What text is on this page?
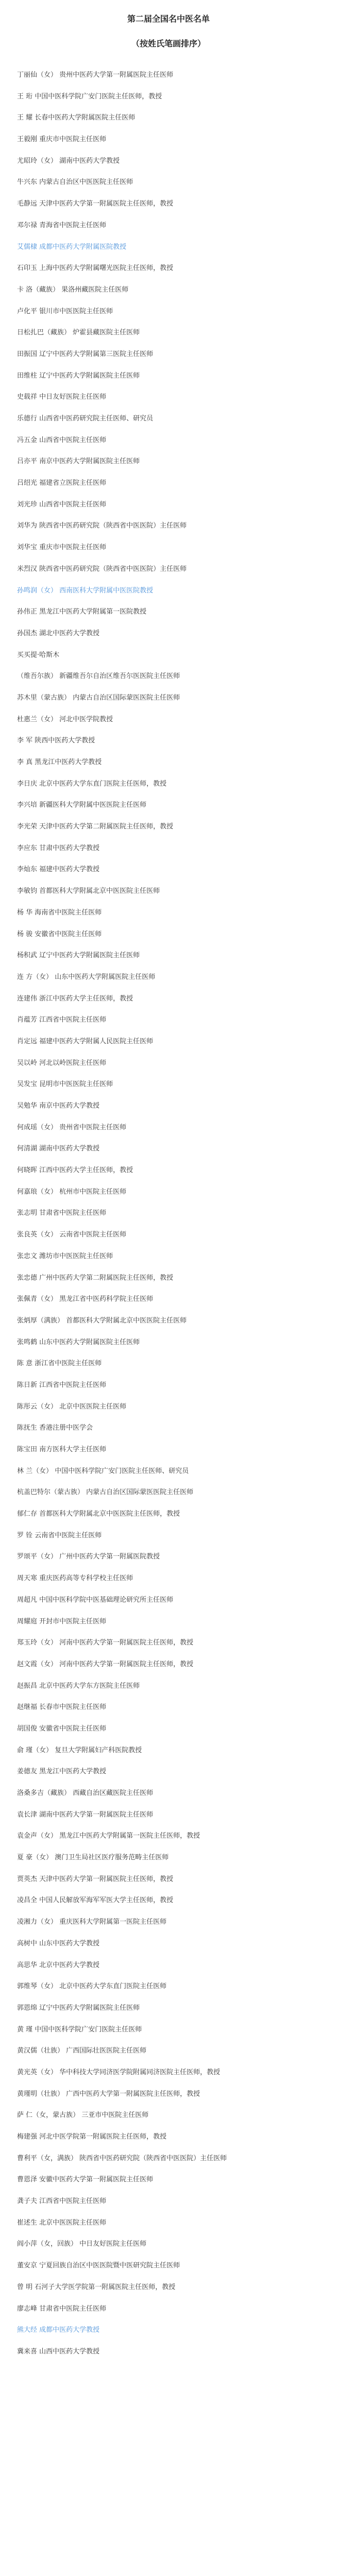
第二届全国名中医名单
（按姓氏笔画排序）
丁丽仙（女） 贵州中医药大学第一附属医院主任医师
王 珩 中国中医科学院广安门医院主任医师，教授
王 耀 长春中医药大学附属医院主任医师
王毅刚 重庆市中医院主任医师
尤昭玲（女） 湖南中医药大学教授
牛兴东 内蒙古自治区中医医院主任医师
毛静远 天津中医药大学第一附属医院主任医师，教授
邓尔禄 青海省中医院主任医师
艾儒棣 成都中医药大学附属医院教授
石印玉 上海中医药大学附属曙光医院主任医师，教授
卡 洛（藏族） 果洛州藏医院主任医师
卢化平 银川市中医医院主任医师
日松扎巴（藏族） 炉霍县藏医院主任医师
田振国 辽宁中医药大学附属第三医院主任医师
田维柱 辽宁中医药大学附属医院主任医师
史载祥 中日友好医院主任医师
乐德行 山西省中医药研究院主任医师、研究员
冯五金 山西省中医院主任医师
吕亦平 南京中医药大学附属医院主任医师
吕绍光 福建省立医院主任医师
刘光珍 山西省中医院主任医师
刘华为 陕西省中医药研究院（陕西省中医医院）主任医师
刘华宝 重庆市中医院主任医师
米烈汉 陕西省中医药研究院（陕西省中医医院）主任医师
孙鸣润（女） 西南医科大学附属中医医院教授
孙伟正 黑龙江中医药大学附属第一医院教授
孙国杰 湖北中医药大学教授
买买提·哈斯木
（维吾尔族） 新疆维吾尔自治区维吾尔医医院主任医师
苏木里（蒙古族） 内蒙古自治区国际蒙医医院主任医师
杜惠兰（女） 河北中医学院教授
李 军 陕西中医药大学教授
李 真 黑龙江中医药大学教授
李日庆 北京中医药大学东直门医院主任医师，教授
李兴培 新疆医科大学附属中医医院主任医师
李光荣 天津中医药大学第二附属医院主任医师，教授
李应东 甘肃中医药大学教授
李灿东 福建中医药大学教授
李敏钧 首都医科大学附属北京中医医院主任医师
杨 华 海南省中医院主任医师
杨 骏 安徽省中医院主任医师
杨积武 辽宁中医药大学附属医院主任医师
连 方（女） 山东中医药大学附属医院主任医师
连建伟 浙江中医药大学主任医师，教授
肖蕴芳 江西省中医院主任医师
肖定远 福建中医药大学附属人民医院主任医师
吴以岭 河北以岭医院主任医师
吴发宝 昆明市中医医院主任医师
吴勉华 南京中医药大学教授
何成瑶（女） 贵州省中医院主任医师
何清湖 湖南中医药大学教授
何晓晖 江西中医药大学主任医师，教授
何嘉琅（女） 杭州市中医院主任医师
张志明 甘肃省中医院主任医师
张良英（女） 云南省中医院主任医师
张忠文 潍坊市中医医院主任医师
张忠德 广州中医药大学第二附属医院主任医师，教授
张佩青（女） 黑龙江省中医药科学院主任医师
张炳厚（满族） 首都医科大学附属北京中医医院主任医师
张鸣鹤 山东中医药大学附属医院主任医师
陈 意 浙江省中医院主任医师
陈日新 江西省中医院主任医师
陈彤云（女） 北京中医医院主任医师
陈抚生 香港注册中医学会
陈宝田 南方医科大学主任医师
林 兰（女） 中国中医科学院广安门医院主任医师、研究员
杭盖巴特尔（蒙古族） 内蒙古自治区国际蒙医医院主任医师
郁仁存 首都医科大学附属北京中医医院主任医师，教授
罗 铨 云南省中医院主任医师
罗颂平（女） 广州中医药大学第一附属医院教授
周天寒 重庆医药高等专科学校主任医师
周超凡 中国中医科学院中医基础理论研究所主任医师
周耀庭 开封市中医院主任医师
郑玉玲（女） 河南中医药大学第一附属医院主任医师，教授
赵文霞（女） 河南中医药大学第一附属医院主任医师，教授
赵振昌 北京中医药大学东方医院主任医师
赵继福 长春市中医院主任医师
胡国俊 安徽省中医院主任医师
俞 瑾（女） 复旦大学附属妇产科医院教授
姜德友 黑龙江中医药大学教授
洛桑多吉（藏族） 西藏自治区藏医院主任医师
袁长津 湖南中医药大学第一附属医院主任医师
袁金声（女） 黑龙江中医药大学附属第一医院主任医师，教授
夏 豪（女） 澳门卫生局社区医疗服务范畴主任医师
贾英杰 天津中医药大学第一附属医院主任医师，教授
凌昌全 中国人民解放军海军军医大学主任医师，教授
凌湘力（女） 重庆医科大学附属第一医院主任医师
高树中 山东中医药大学教授
高思华 北京中医药大学教授
郭维琴（女） 北京中医药大学东直门医院主任医师
郭恩绵 辽宁中医药大学附属医院主任医师
黄 瑾 中国中医科学院广安门医院主任医师
黄汉儒（壮族） 广西国际壮医医院主任医师
黄光英（女） 华中科技大学同济医学院附属同济医院主任医师，教授
黄瑾明（壮族） 广西中医药大学第一附属医院主任医师，教授
萨 仁（女，蒙古族） 三亚市中医院主任医师
梅建强 河北中医学院第一附属医院主任医师，教授
曹利平（女，满族） 陕西省中医药研究院（陕西省中医医院）主任医师
曹恩泽 安徽中医药大学第一附属医院主任医师
龚子夫 江西省中医院主任医师
崔述生 北京中医医院主任医师
阎小萍（女，回族） 中日友好医院主任医师
董安京 宁夏回族自治区中医医院暨中医研究院主任医师
曾 明 石河子大学医学院第一附属医院主任医师，教授
廖志峰 甘肃省中医院主任医师
熊大经 成都中医药大学教授
冀来喜 山西中医药大学教授
